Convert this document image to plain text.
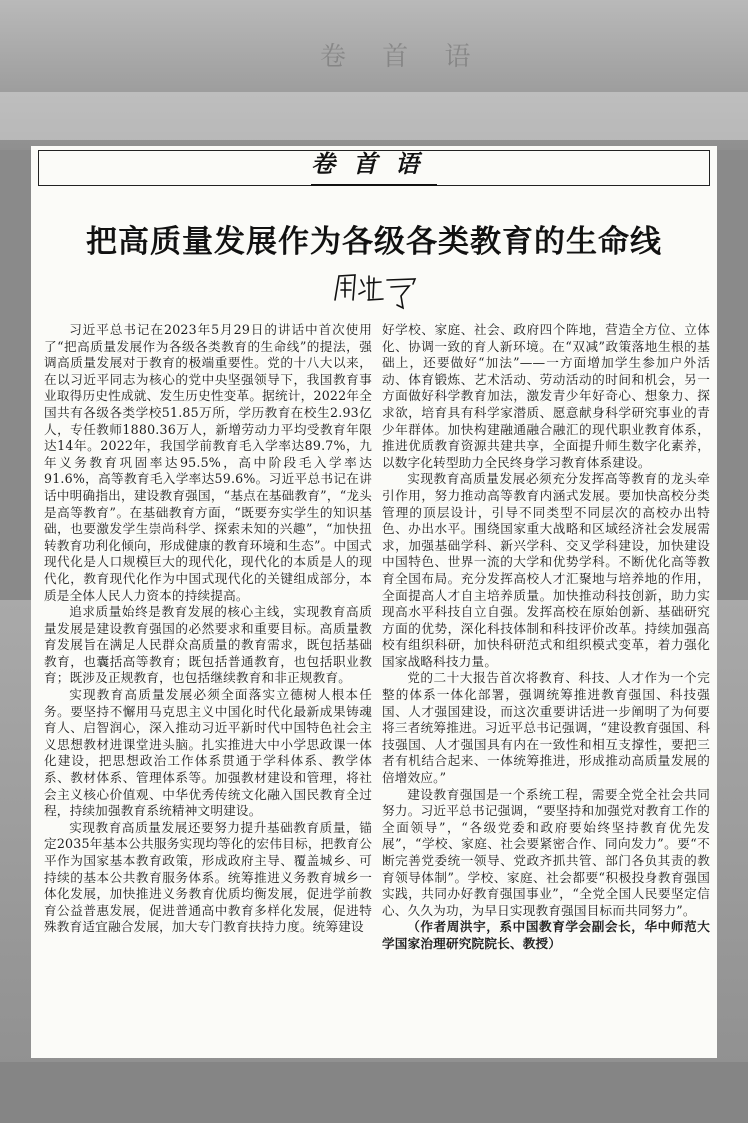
卷 首 语
卷首语
把高质量发展作为各级各类教育的生命线

习近平总书记在2023年5月29日的讲话中首次使用了“把高质量发展作为各级各类教育的生命线”的提法，强调高质量发展对于教育的极端重要性。党的十八大以来，在以习近平同志为核心的党中央坚强领导下，我国教育事业取得历史性成就、发生历史性变革。据统计，2022年全国共有各级各类学校51.85万所，学历教育在校生2.93亿人，专任教师1880.36万人，新增劳动力平均受教育年限达14年。2022年，我国学前教育毛入学率达89.7%，九年义务教育巩固率达95.5%，高中阶段毛入学率达91.6%，高等教育毛入学率达59.6%。习近平总书记在讲话中明确指出，建设教育强国，“基点在基础教育”，“龙头是高等教育”。在基础教育方面，“既要夯实学生的知识基础，也要激发学生崇尚科学、探索未知的兴趣”，“加快扭转教育功利化倾向，形成健康的教育环境和生态”。中国式现代化是人口规模巨大的现代化，现代化的本质是人的现代化，教育现代化作为中国式现代化的关键组成部分，本质是全体人民人力资本的持续提高。

追求质量始终是教育发展的核心主线，实现教育高质量发展是建设教育强国的必然要求和重要目标。高质量教育发展旨在满足人民群众高质量的教育需求，既包括基础教育，也囊括高等教育；既包括普通教育，也包括职业教育；既涉及正规教育，也包括继续教育和非正规教育。

实现教育高质量发展必须全面落实立德树人根本任务。要坚持不懈用马克思主义中国化时代化最新成果铸魂育人、启智润心，深入推动习近平新时代中国特色社会主义思想教材进课堂进头脑。扎实推进大中小学思政课一体化建设，把思想政治工作体系贯通于学科体系、教学体系、教材体系、管理体系等。加强教材建设和管理，将社会主义核心价值观、中华优秀传统文化融入国民教育全过程，持续加强教育系统精神文明建设。

实现教育高质量发展还要努力提升基础教育质量，锚定2035年基本公共服务实现均等化的宏伟目标，把教育公平作为国家基本教育政策，形成政府主导、覆盖城乡、可持续的基本公共教育服务体系。统筹推进义务教育城乡一体化发展，加快推进义务教育优质均衡发展，促进学前教育公益普惠发展，促进普通高中教育多样化发展，促进特殊教育适宜融合发展，加大专门教育扶持力度。统筹建设

好学校、家庭、社会、政府四个阵地，营造全方位、立体化、协调一致的育人新环境。在“双减”政策落地生根的基础上，还要做好“加法”——一方面增加学生参加户外活动、体育锻炼、艺术活动、劳动活动的时间和机会，另一方面做好科学教育加法，激发青少年好奇心、想象力、探求欲，培育具有科学家潜质、愿意献身科学研究事业的青少年群体。加快构建融通融合融汇的现代职业教育体系，推进优质教育资源共建共享，全面提升师生数字化素养，以数字化转型助力全民终身学习教育体系建设。

实现教育高质量发展必须充分发挥高等教育的龙头牵引作用，努力推动高等教育内涵式发展。要加快高校分类管理的顶层设计，引导不同类型不同层次的高校办出特色、办出水平。围绕国家重大战略和区域经济社会发展需求，加强基础学科、新兴学科、交叉学科建设，加快建设中国特色、世界一流的大学和优势学科。不断优化高等教育全国布局。充分发挥高校人才汇聚地与培养地的作用，全面提高人才自主培养质量。加快推动科技创新，助力实现高水平科技自立自强。发挥高校在原始创新、基础研究方面的优势，深化科技体制和科技评价改革。持续加强高校有组织科研，加快科研范式和组织模式变革，着力强化国家战略科技力量。

党的二十大报告首次将教育、科技、人才作为一个完整的体系一体化部署，强调统筹推进教育强国、科技强国、人才强国建设，而这次重要讲话进一步阐明了为何要将三者统筹推进。习近平总书记强调，“建设教育强国、科技强国、人才强国具有内在一致性和相互支撑性，要把三者有机结合起来、一体统筹推进，形成推动高质量发展的倍增效应。”

建设教育强国是一个系统工程，需要全党全社会共同努力。习近平总书记强调，“要坚持和加强党对教育工作的全面领导”，“各级党委和政府要始终坚持教育优先发展”，“学校、家庭、社会要紧密合作、同向发力”。要“不断完善党委统一领导、党政齐抓共管、部门各负其责的教育领导体制”。学校、家庭、社会都要“积极投身教育强国实践，共同办好教育强国事业”，“全党全国人民要坚定信心、久久为功，为早日实现教育强国目标而共同努力”。

（作者周洪宇，系中国教育学会副会长，华中师范大学国家治理研究院院长、教授）
